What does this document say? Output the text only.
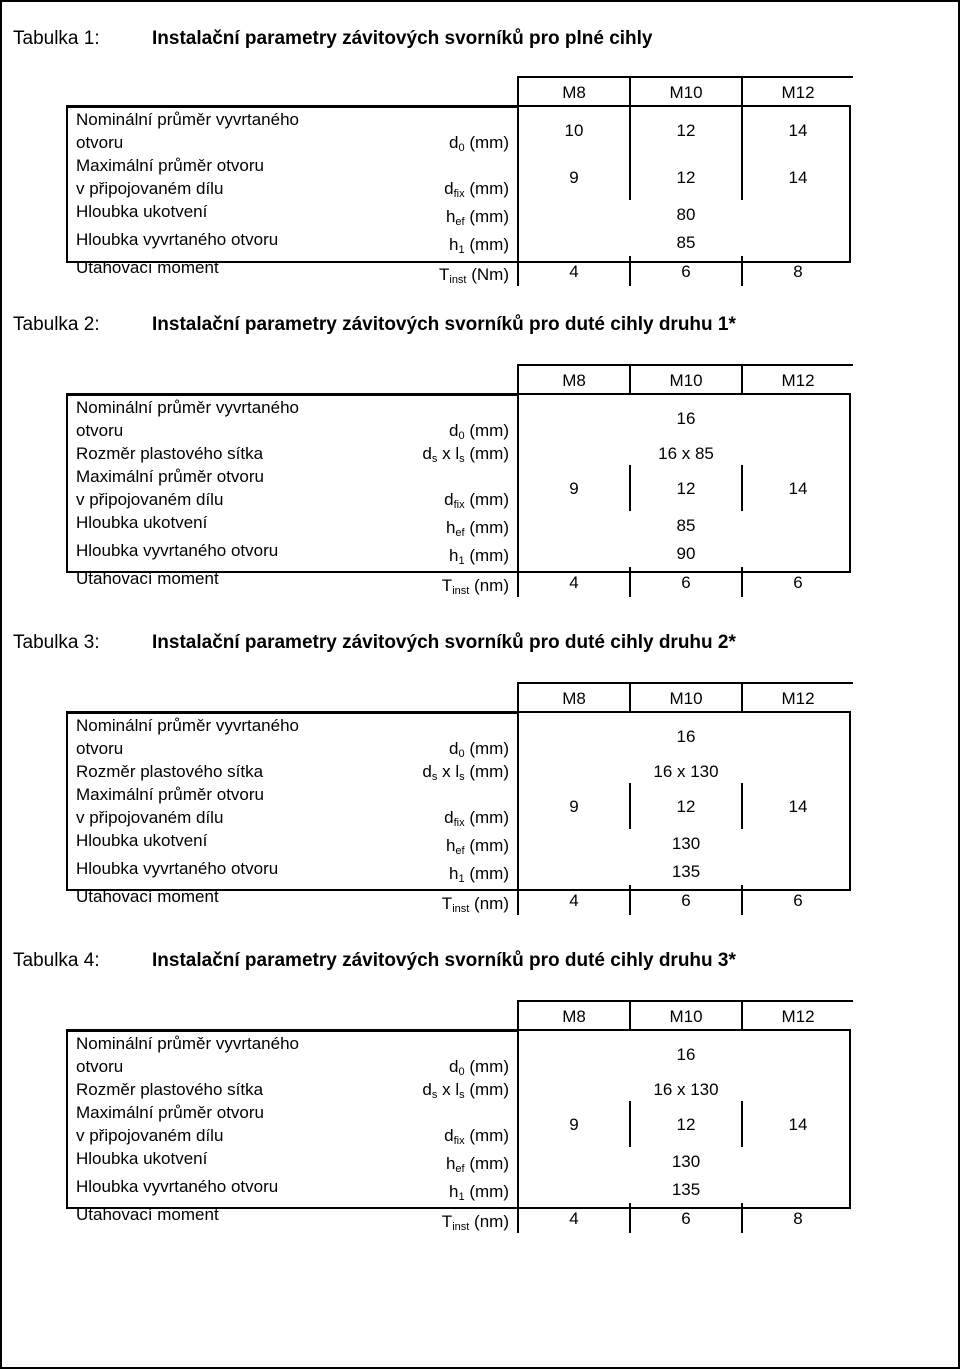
Tabulka 1:	Instalační parametry závitových svorníků pro plné cihly
		M8	M10	M12

Nominální průměr vyvrtaného
otvoru	$d_0$ (mm)	10	12	14

Maximální průměr otvoru
v připojovaném dílu	$d_{fix}$ (mm)	9	12	14

Hloubka ukotvení	$h_{ef}$ (mm)	80		

Hloubka vyvrtaného otvoru	$h_1$ (mm)	85		

Utahovací moment	$T_{inst}$ (Nm)	4	6	8
Tabulka 2:	Instalační parametry závitových svorníků pro duté cihly druhu 1*
		M8	M10	M12

Nominální průměr vyvrtaného
otvoru	$d_0$ (mm)	16		

Rozměr plastového sítka	$d_s$ x $l_s$ (mm)	16 x 85		

Maximální průměr otvoru
v připojovaném dílu	$d_{fix}$ (mm)	9	12	14

Hloubka ukotvení	$h_{ef}$ (mm)	85		

Hloubka vyvrtaného otvoru	$h_1$ (mm)	90		

Utahovací moment	$T_{inst}$ (nm)	4	6	6
Tabulka 3:	Instalační parametry závitových svorníků pro duté cihly druhu 2*
		M8	M10	M12

Nominální průměr vyvrtaného
otvoru	$d_0$ (mm)	16		

Rozměr plastového sítka	$d_s$ x $l_s$ (mm)	16 x 130		

Maximální průměr otvoru
v připojovaném dílu	$d_{fix}$ (mm)	9	12	14

Hloubka ukotvení	$h_{ef}$ (mm)	130		

Hloubka vyvrtaného otvoru	$h_1$ (mm)	135		

Utahovací moment	$T_{inst}$ (nm)	4	6	6
Tabulka 4:	Instalační parametry závitových svorníků pro duté cihly druhu 3*
		M8	M10	M12

Nominální průměr vyvrtaného
otvoru	$d_0$ (mm)	16		

Rozměr plastového sítka	$d_s$ x $l_s$ (mm)	16 x 130		

Maximální průměr otvoru
v připojovaném dílu	$d_{fix}$ (mm)	9	12	14

Hloubka ukotvení	$h_{ef}$ (mm)	130		

Hloubka vyvrtaného otvoru	$h_1$ (mm)	135		

Utahovací moment	$T_{inst}$ (nm)	4	6	8
